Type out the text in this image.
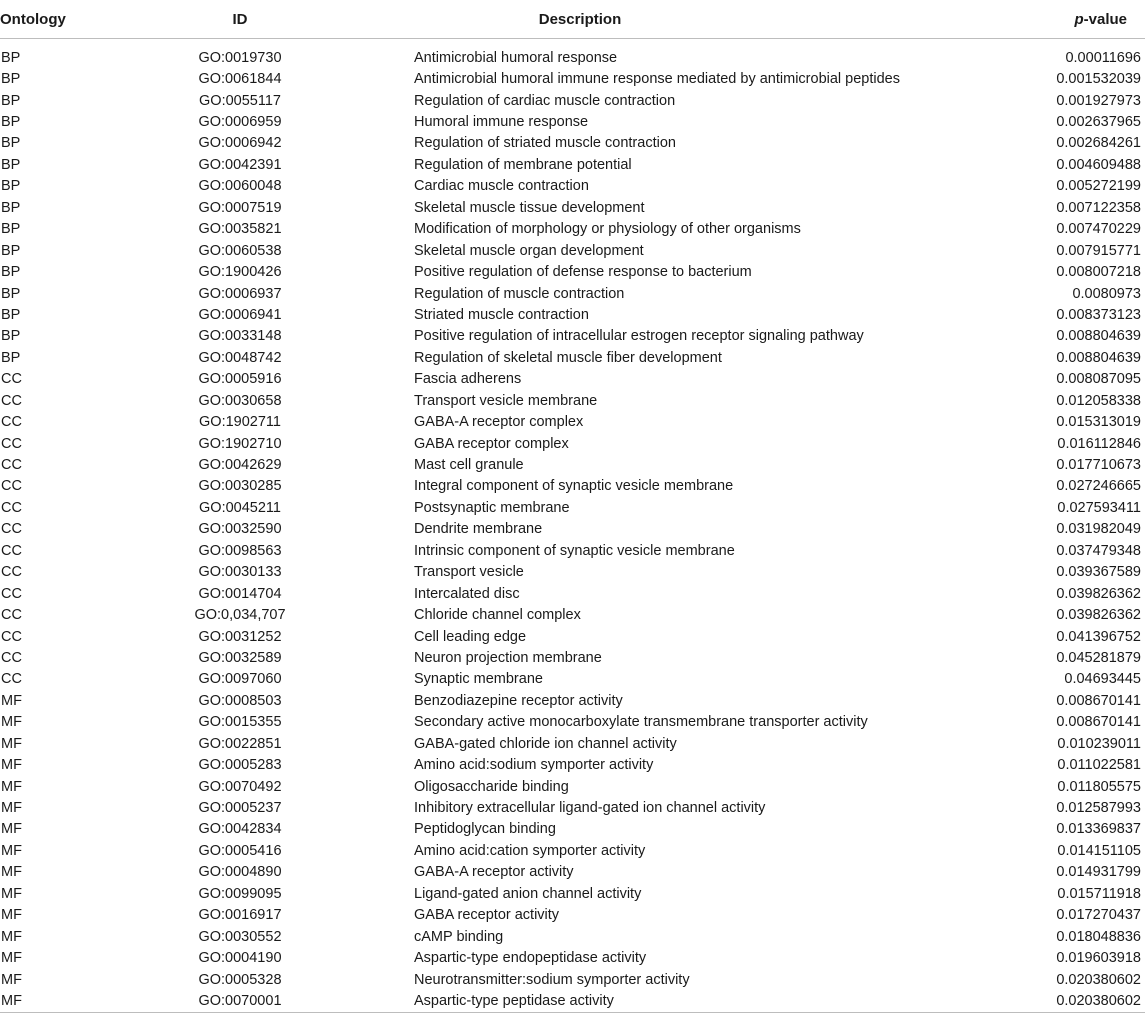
Ontology	ID	Description	p-value

BP	GO:0019730	Antimicrobial humoral response	0.00011696
BP	GO:0061844	Antimicrobial humoral immune response mediated by antimicrobial peptides	0.001532039
BP	GO:0055117	Regulation of cardiac muscle contraction	0.001927973
BP	GO:0006959	Humoral immune response	0.002637965
BP	GO:0006942	Regulation of striated muscle contraction	0.002684261
BP	GO:0042391	Regulation of membrane potential	0.004609488
BP	GO:0060048	Cardiac muscle contraction	0.005272199
BP	GO:0007519	Skeletal muscle tissue development	0.007122358
BP	GO:0035821	Modification of morphology or physiology of other organisms	0.007470229
BP	GO:0060538	Skeletal muscle organ development	0.007915771
BP	GO:1900426	Positive regulation of defense response to bacterium	0.008007218
BP	GO:0006937	Regulation of muscle contraction	0.0080973
BP	GO:0006941	Striated muscle contraction	0.008373123
BP	GO:0033148	Positive regulation of intracellular estrogen receptor signaling pathway	0.008804639
BP	GO:0048742	Regulation of skeletal muscle fiber development	0.008804639
CC	GO:0005916	Fascia adherens	0.008087095
CC	GO:0030658	Transport vesicle membrane	0.012058338
CC	GO:1902711	GABA-A receptor complex	0.015313019
CC	GO:1902710	GABA receptor complex	0.016112846
CC	GO:0042629	Mast cell granule	0.017710673
CC	GO:0030285	Integral component of synaptic vesicle membrane	0.027246665
CC	GO:0045211	Postsynaptic membrane	0.027593411
CC	GO:0032590	Dendrite membrane	0.031982049
CC	GO:0098563	Intrinsic component of synaptic vesicle membrane	0.037479348
CC	GO:0030133	Transport vesicle	0.039367589
CC	GO:0014704	Intercalated disc	0.039826362
CC	GO:0,034,707	Chloride channel complex	0.039826362
CC	GO:0031252	Cell leading edge	0.041396752
CC	GO:0032589	Neuron projection membrane	0.045281879
CC	GO:0097060	Synaptic membrane	0.04693445
MF	GO:0008503	Benzodiazepine receptor activity	0.008670141
MF	GO:0015355	Secondary active monocarboxylate transmembrane transporter activity	0.008670141
MF	GO:0022851	GABA-gated chloride ion channel activity	0.010239011
MF	GO:0005283	Amino acid:sodium symporter activity	0.011022581
MF	GO:0070492	Oligosaccharide binding	0.011805575
MF	GO:0005237	Inhibitory extracellular ligand-gated ion channel activity	0.012587993
MF	GO:0042834	Peptidoglycan binding	0.013369837
MF	GO:0005416	Amino acid:cation symporter activity	0.014151105
MF	GO:0004890	GABA-A receptor activity	0.014931799
MF	GO:0099095	Ligand-gated anion channel activity	0.015711918
MF	GO:0016917	GABA receptor activity	0.017270437
MF	GO:0030552	cAMP binding	0.018048836
MF	GO:0004190	Aspartic-type endopeptidase activity	0.019603918
MF	GO:0005328	Neurotransmitter:sodium symporter activity	0.020380602
MF	GO:0070001	Aspartic-type peptidase activity	0.020380602
